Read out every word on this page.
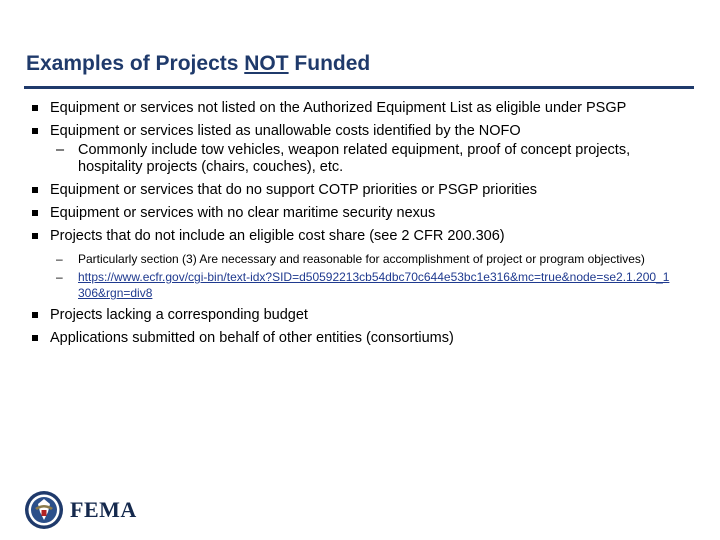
Examples of Projects NOT Funded
Equipment or services not listed on the Authorized Equipment List as eligible under PSGP
Equipment or services listed as unallowable costs identified by the NOFO
– Commonly include tow vehicles, weapon related equipment, proof of concept projects, hospitality projects (chairs, couches), etc.
Equipment or services that do no support COTP priorities or PSGP priorities
Equipment or services with no clear maritime security nexus
Projects that do not include an eligible cost share (see 2 CFR 200.306)
– Particularly section (3) Are necessary and reasonable for accomplishment of project or program objectives)
– https://www.ecfr.gov/cgi-bin/text-idx?SID=d50592213cb54dbc70c644e53bc1e316&mc=true&node=se2.1.200_1306&rgn=div8
Projects lacking a corresponding budget
Applications submitted on behalf of other entities (consortiums)
FEMA
